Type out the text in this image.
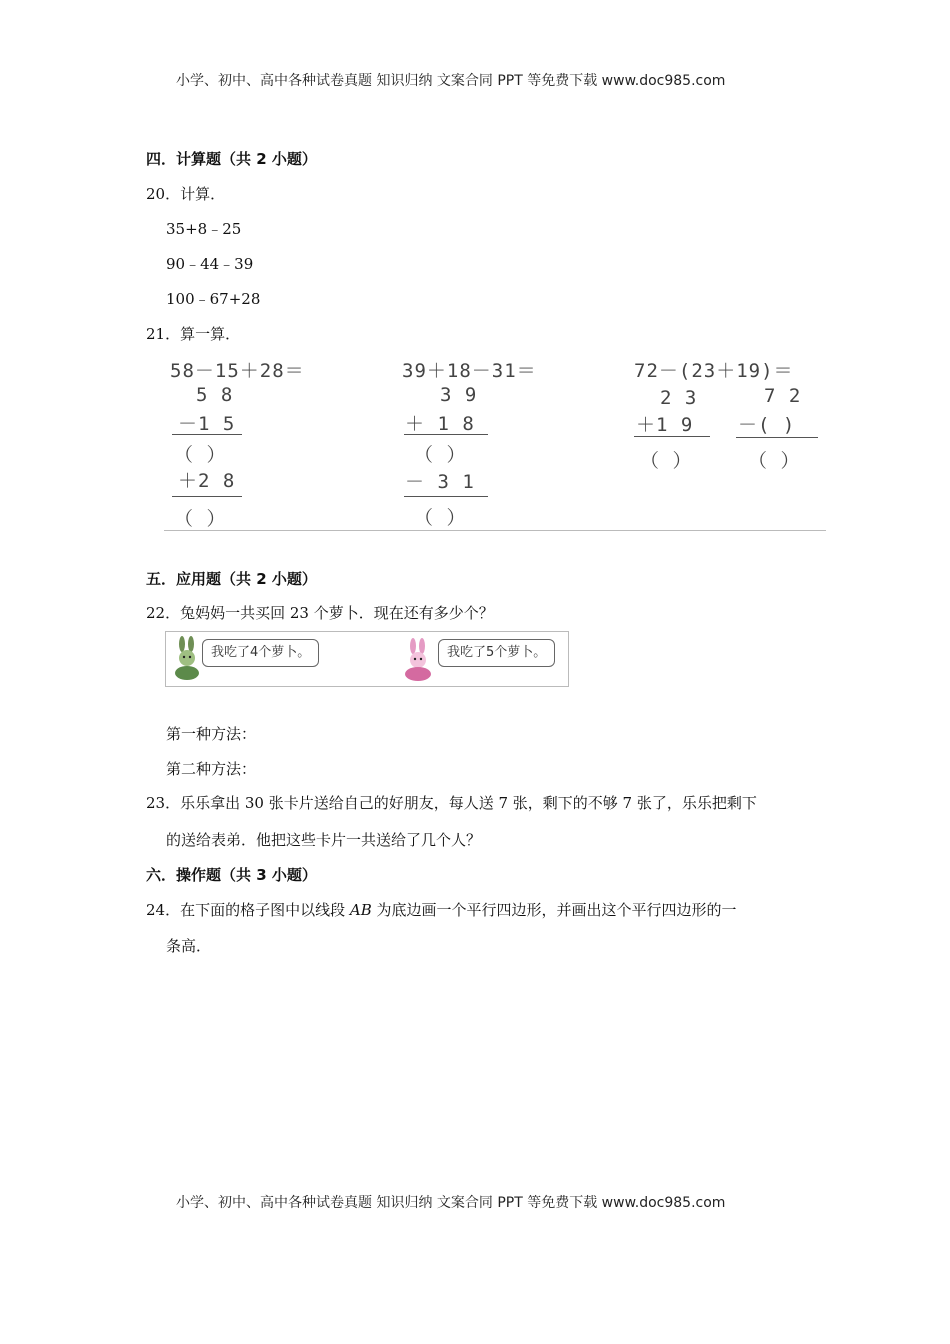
小学、初中、高中各种试卷真题 知识归纳 文案合同 PPT 等免费下载 www.doc985.com
四．计算题（共 2 小题）
20．计算．
35+8﹣25
90﹣44﹣39
100﹣67+28
21．算一算．
58－15＋28＝
5 8
－1 5
（ ）
＋2 8
（ ）
39＋18－31＝
3 9
＋ 1 8
（ ）
－ 3 1
（ ）
72－(23＋19)＝
2 3
＋1 9
（ ）
7 2
－( )
（ ）
五．应用题（共 2 小题）
22．兔妈妈一共买回 23 个萝卜．现在还有多少个？
我吃了4个萝卜。	我吃了5个萝卜。
第一种方法：
第二种方法：
23．乐乐拿出 30 张卡片送给自己的好朋友，每人送 7 张，剩下的不够 7 张了，乐乐把剩下
的送给表弟．他把这些卡片一共送给了几个人？
六．操作题（共 3 小题）
24．在下面的格子图中以线段 AB 为底边画一个平行四边形，并画出这个平行四边形的一
条高．
小学、初中、高中各种试卷真题 知识归纳 文案合同 PPT 等免费下载 www.doc985.com
